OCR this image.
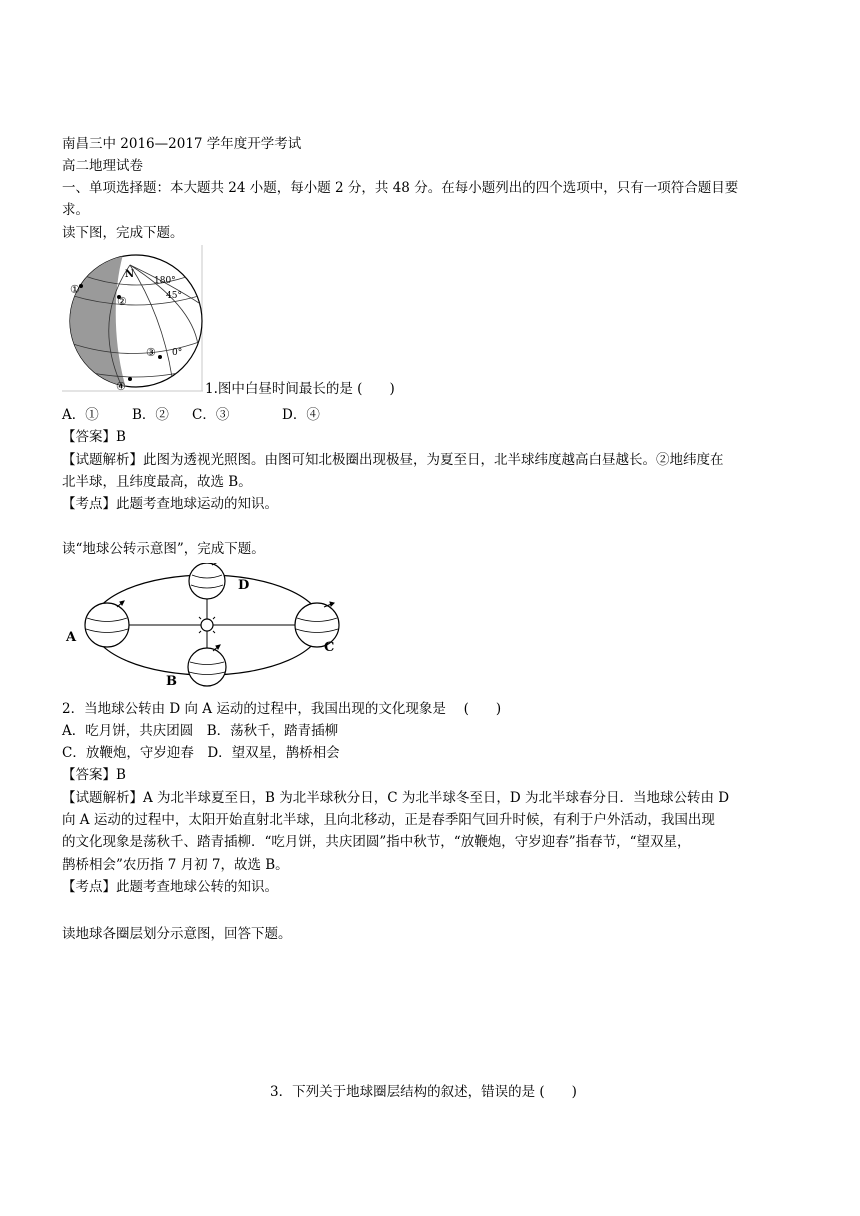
南昌三中 2016—2017 学年度开学考试
高二地理试卷
一、单项选择题：本大题共 24 小题，每小题 2 分，共 48 分。在每小题列出的四个选项中，只有一项符合题目要
求。
读下图，完成下题。
N
180°
45°
0°
①
②
③
④	1.图中白昼时间最长的是 (　　)
A．① B．② C．③	D．④
【答案】B
【试题解析】此图为透视光照图。由图可知北极圈出现极昼，为夏至日，北半球纬度越高白昼越长。②地纬度在
北半球，且纬度最高，故选 B。
【考点】此题考查地球运动的知识。
读“地球公转示意图”，完成下题。
A
B
C
D
2．当地球公转由 D 向 A 运动的过程中，我国出现的文化现象是　 (　　)
A．吃月饼，共庆团圆　B．荡秋千，踏青插柳
C．放鞭炮，守岁迎春　D．望双星，鹊桥相会
【答案】B
【试题解析】A 为北半球夏至日，B 为北半球秋分日，C 为北半球冬至日，D 为北半球春分日．当地球公转由 D
向 A 运动的过程中，太阳开始直射北半球，且向北移动，正是春季阳气回升时候，有利于户外活动，我国出现
的文化现象是荡秋千、踏青插柳．“吃月饼，共庆团圆”指中秋节，“放鞭炮，守岁迎春”指春节，“望双星，
鹊桥相会”农历指 7 月初 7，故选 B。
【考点】此题考查地球公转的知识。
读地球各圈层划分示意图，回答下题。
3．下列关于地球圈层结构的叙述，错误的是 (　　)
